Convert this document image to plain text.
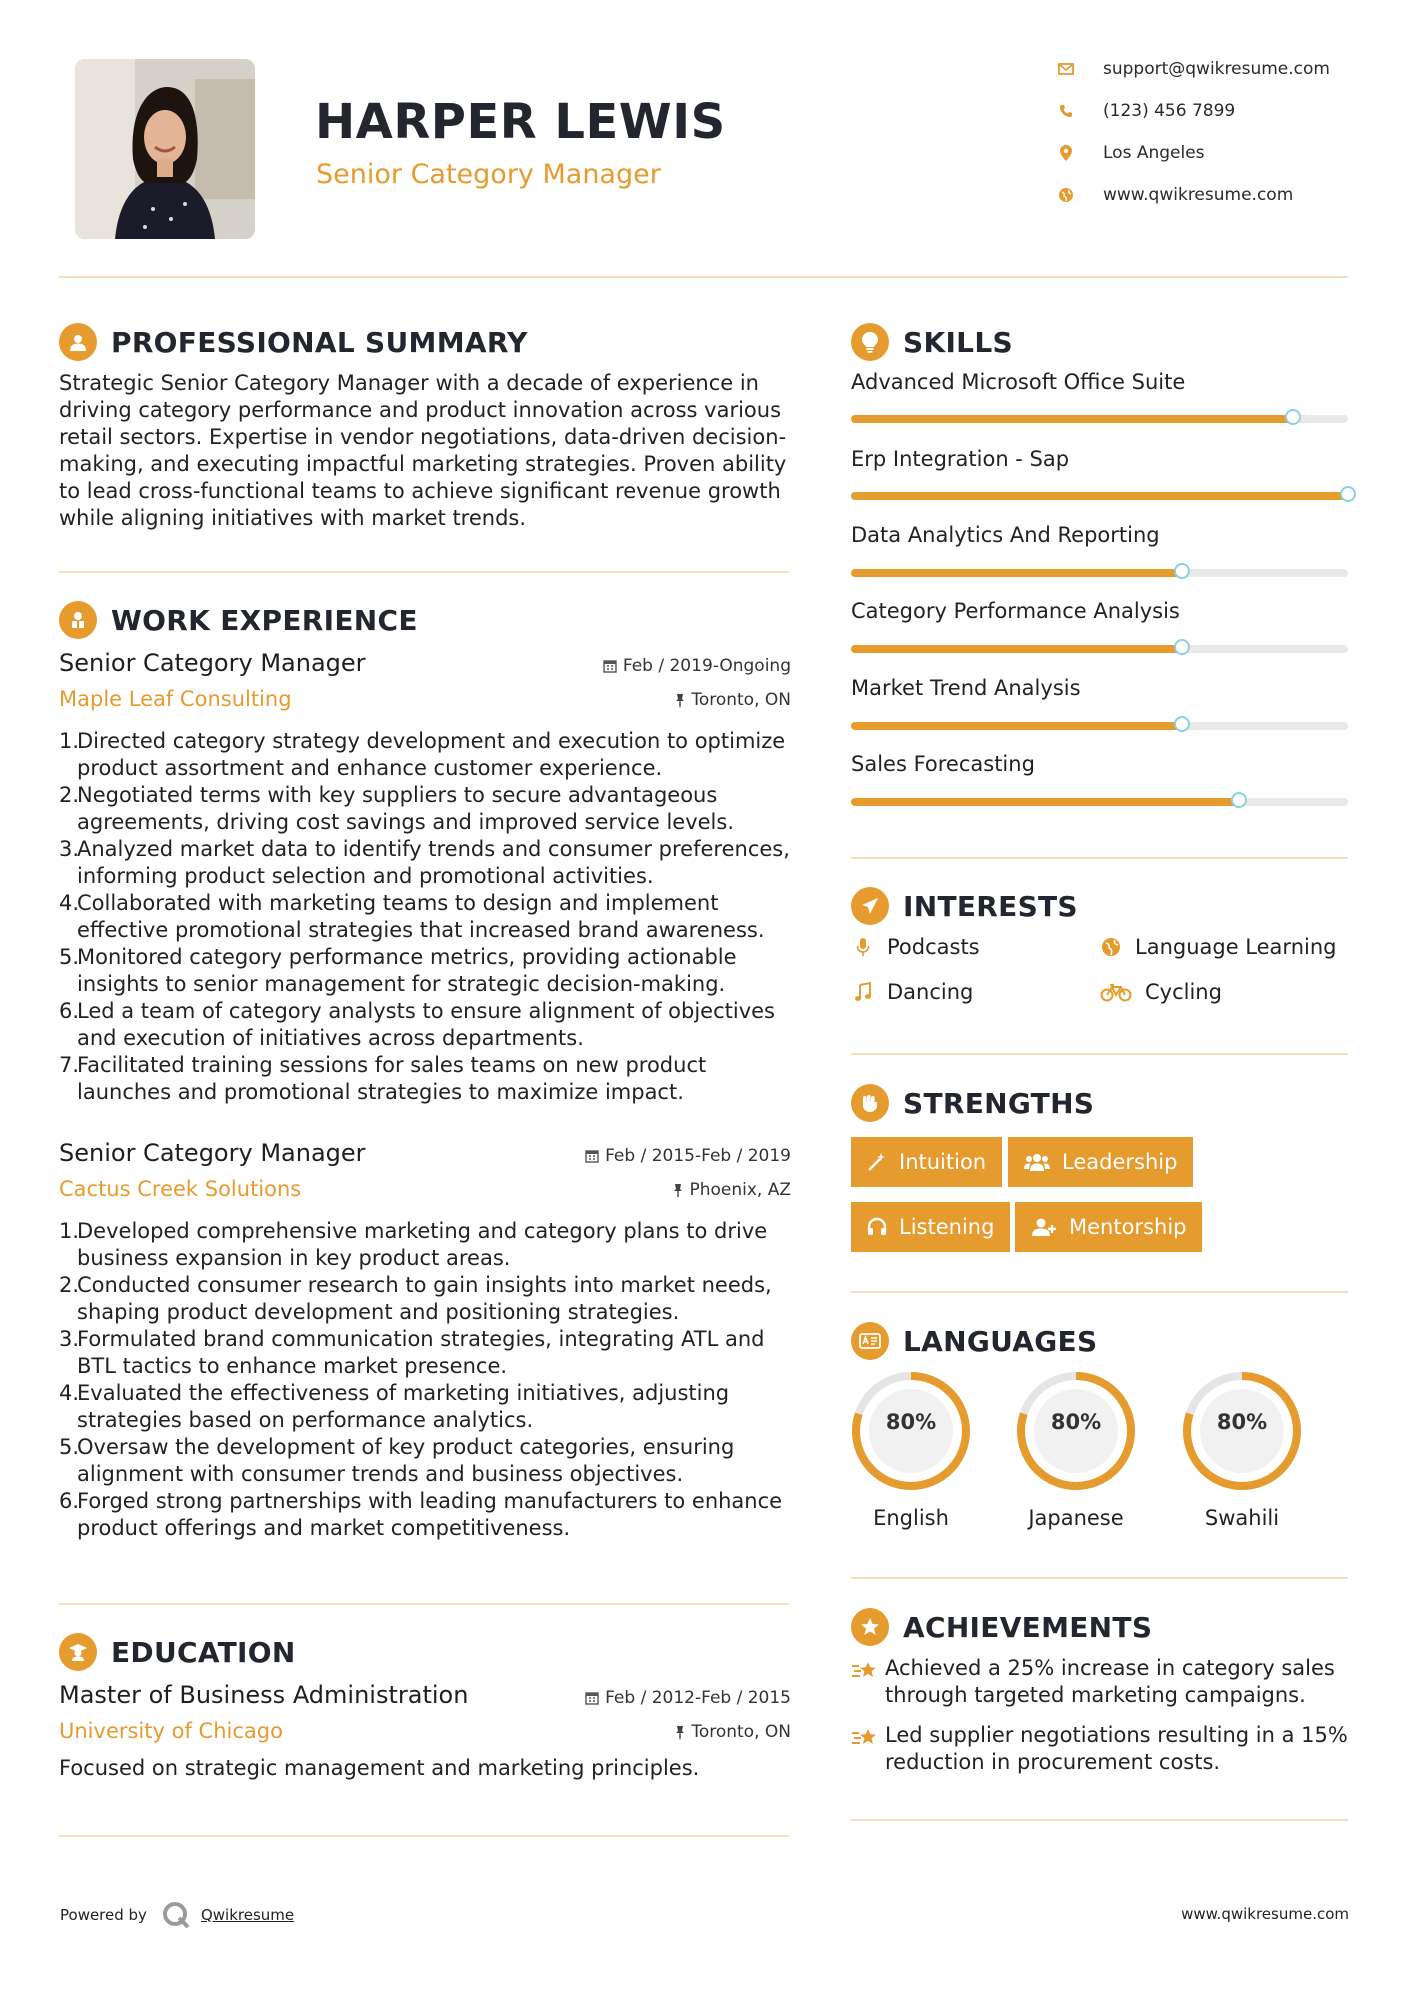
HARPER LEWIS
Senior Category Manager
support@qwikresume.com
(123) 456 7899
Los Angeles
www.qwikresume.com
PROFESSIONAL SUMMARY
Strategic Senior Category Manager with a decade of experience in driving category performance and product innovation across various retail sectors. Expertise in vendor negotiations, data-driven decision-making, and executing impactful marketing strategies. Proven ability to lead cross-functional teams to achieve significant revenue growth while aligning initiatives with market trends.
WORK EXPERIENCE
Senior Category Manager	Feb / 2019-Ongoing
Maple Leaf Consulting	Toronto, ON
1.
Directed category strategy development and execution to optimize product assortment and enhance customer experience.
2.
Negotiated terms with key suppliers to secure advantageous agreements, driving cost savings and improved service levels.
3.
Analyzed market data to identify trends and consumer preferences, informing product selection and promotional activities.
4.
Collaborated with marketing teams to design and implement effective promotional strategies that increased brand awareness.
5.
Monitored category performance metrics, providing actionable insights to senior management for strategic decision-making.
6.
Led a team of category analysts to ensure alignment of objectives and execution of initiatives across departments.
7.
Facilitated training sessions for sales teams on new product launches and promotional strategies to maximize impact.
Senior Category Manager	Feb / 2015-Feb / 2019
Cactus Creek Solutions	Phoenix, AZ
1.
Developed comprehensive marketing and category plans to drive business expansion in key product areas.
2.
Conducted consumer research to gain insights into market needs, shaping product development and positioning strategies.
3.
Formulated brand communication strategies, integrating ATL and BTL tactics to enhance market presence.
4.
Evaluated the effectiveness of marketing initiatives, adjusting strategies based on performance analytics.
5.
Oversaw the development of key product categories, ensuring alignment with consumer trends and business objectives.
6.
Forged strong partnerships with leading manufacturers to enhance product offerings and market competitiveness.
EDUCATION
Master of Business Administration	Feb / 2012-Feb / 2015
University of Chicago	Toronto, ON
Focused on strategic management and marketing principles.
SKILLS
Advanced Microsoft Office Suite
Erp Integration - Sap
Data Analytics And Reporting
Category Performance Analysis
Market Trend Analysis
Sales Forecasting
INTERESTS
Podcasts	Language Learning
Dancing	Cycling
STRENGTHS
Intuition	Leadership
Listening	Mentorship
LANGUAGES
80%
English
80%
Japanese
80%
Swahili
ACHIEVEMENTS
Achieved a 25% increase in category sales through targeted marketing campaigns.
Led supplier negotiations resulting in a 15% reduction in procurement costs.
Powered by	Qwikresume	www.qwikresume.com
